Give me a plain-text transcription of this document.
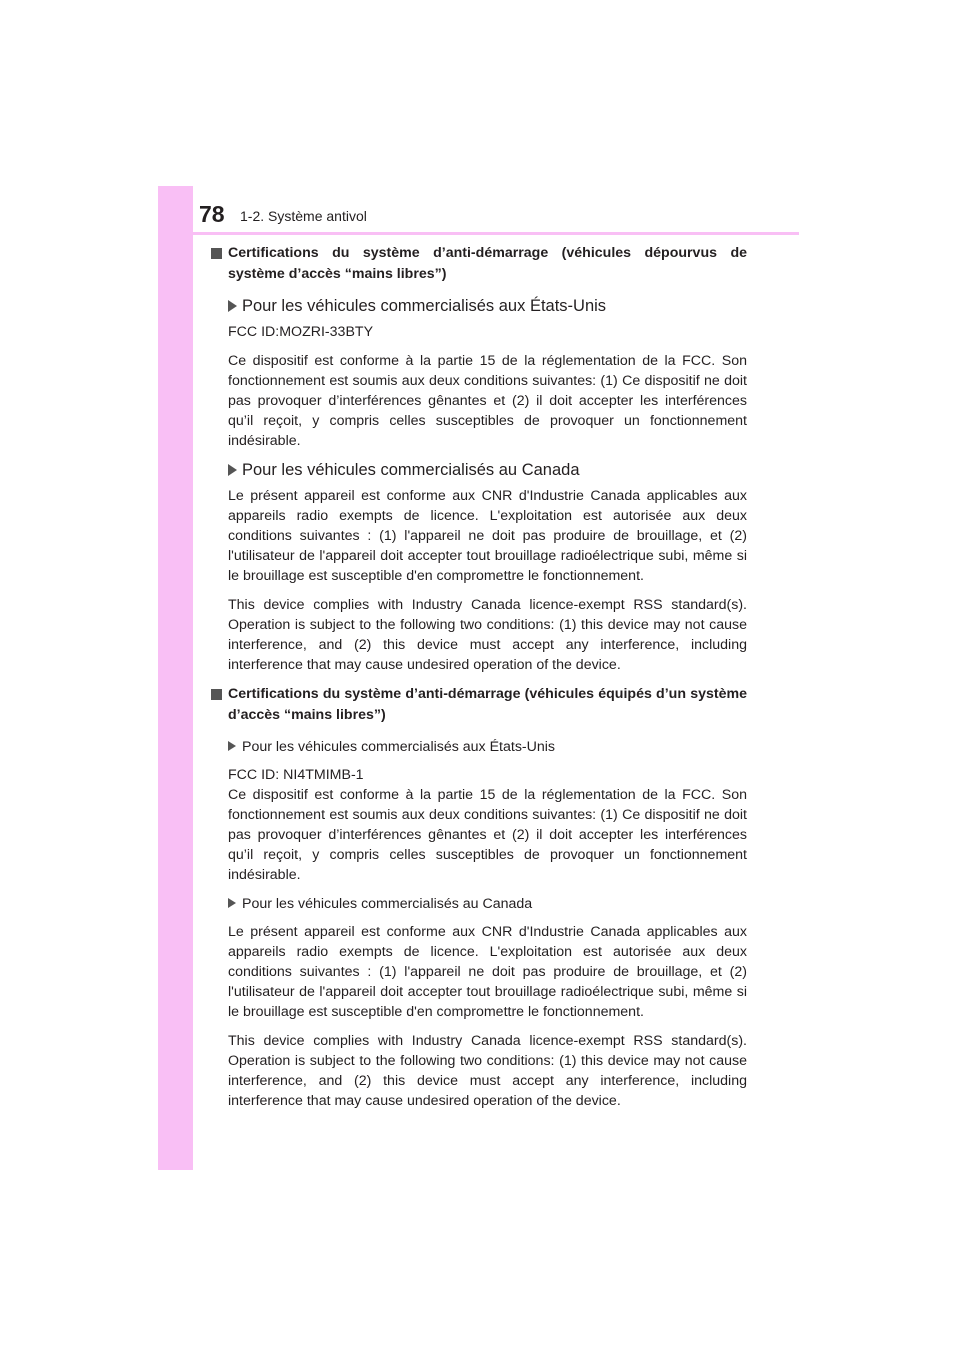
78 1-2. Système antivol
Certifications du système d’anti-démarrage (véhicules dépourvus de système d’accès “mains libres”)
Pour les véhicules commercialisés aux États-Unis

FCC ID:MOZRI-33BTY

Ce dispositif est conforme à la partie 15 de la réglementation de la FCC. Son fonctionnement est soumis aux deux conditions suivantes: (1) Ce dispositif ne doit pas provoquer d’interférences gênantes et (2) il doit accepter les interférences qu’il reçoit, y compris celles susceptibles de provoquer un fonctionnement indésirable.

Pour les véhicules commercialisés au Canada

Le présent appareil est conforme aux CNR d'Industrie Canada applicables aux appareils radio exempts de licence. L'exploitation est autorisée aux deux conditions suivantes : (1) l'appareil ne doit pas produire de brouillage, et (2) l'utilisateur de l'appareil doit accepter tout brouillage radioélectrique subi, même si le brouillage est susceptible d'en compromettre le fonctionnement.

This device complies with Industry Canada licence-exempt RSS standard(s). Operation is subject to the following two conditions: (1) this device may not cause interference, and (2) this device must accept any interference, including interference that may cause undesired operation of the device.

Certifications du système d’anti-démarrage (véhicules équipés d’un système d’accès “mains libres”)
Pour les véhicules commercialisés aux États-Unis

FCC ID: NI4TMIMB-1

Ce dispositif est conforme à la partie 15 de la réglementation de la FCC. Son fonctionnement est soumis aux deux conditions suivantes: (1) Ce dispositif ne doit pas provoquer d’interférences gênantes et (2) il doit accepter les interférences qu’il reçoit, y compris celles susceptibles de provoquer un fonctionnement indésirable.

Pour les véhicules commercialisés au Canada

Le présent appareil est conforme aux CNR d'Industrie Canada applicables aux appareils radio exempts de licence. L'exploitation est autorisée aux deux conditions suivantes : (1) l'appareil ne doit pas produire de brouillage, et (2) l'utilisateur de l'appareil doit accepter tout brouillage radioélectrique subi, même si le brouillage est susceptible d'en compromettre le fonctionnement.

This device complies with Industry Canada licence-exempt RSS standard(s). Operation is subject to the following two conditions: (1) this device may not cause interference, and (2) this device must accept any interference, including interference that may cause undesired operation of the device.
